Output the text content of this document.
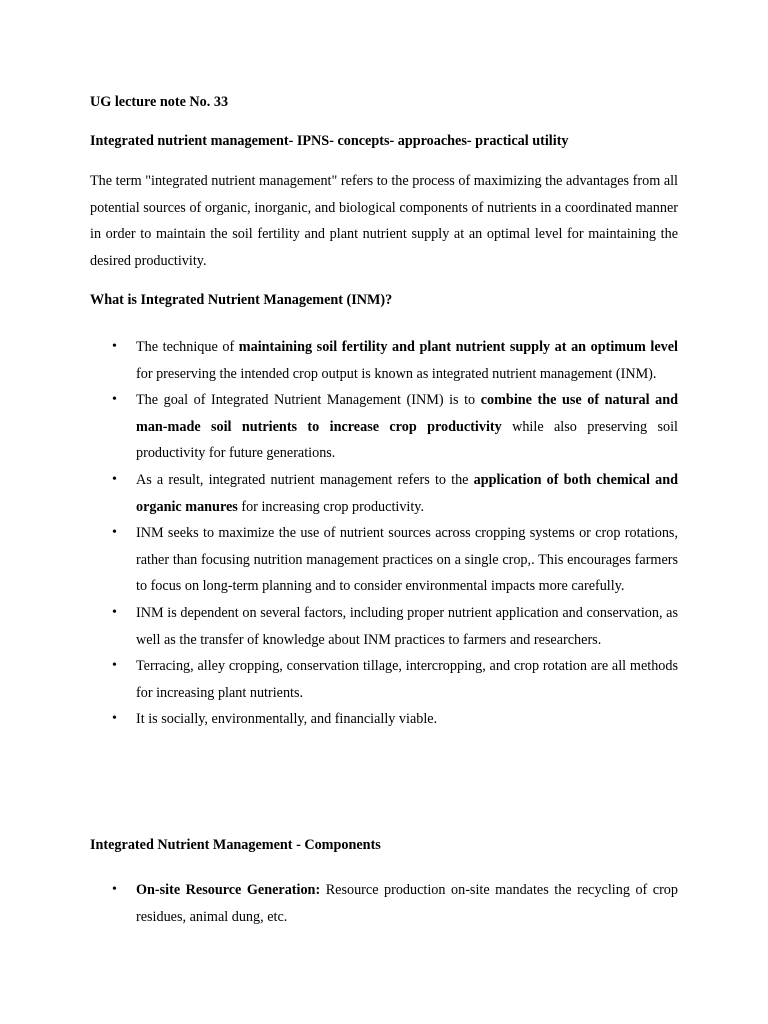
UG lecture note No. 33

Integrated nutrient management- IPNS- concepts- approaches- practical utility

The term "integrated nutrient management" refers to the process of maximizing the advantages from all potential sources of organic, inorganic, and biological components of nutrients in a coordinated manner in order to maintain the soil fertility and plant nutrient supply at an optimal level for maintaining the desired productivity.

What is Integrated Nutrient Management (INM)?

• The technique of maintaining soil fertility and plant nutrient supply at an optimum level for preserving the intended crop output is known as integrated nutrient management (INM).
• The goal of Integrated Nutrient Management (INM) is to combine the use of natural and man-made soil nutrients to increase crop productivity while also preserving soil productivity for future generations.
• As a result, integrated nutrient management refers to the application of both chemical and organic manures for increasing crop productivity.
• INM seeks to maximize the use of nutrient sources across cropping systems or crop rotations, rather than focusing nutrition management practices on a single crop,. This encourages farmers to focus on long-term planning and to consider environmental impacts more carefully.
• INM is dependent on several factors, including proper nutrient application and conservation, as well as the transfer of knowledge about INM practices to farmers and researchers.
• Terracing, alley cropping, conservation tillage, intercropping, and crop rotation are all methods for increasing plant nutrients.
• It is socially, environmentally, and financially viable.

Integrated Nutrient Management - Components

• On-site Resource Generation: Resource production on-site mandates the recycling of crop residues, animal dung, etc.
